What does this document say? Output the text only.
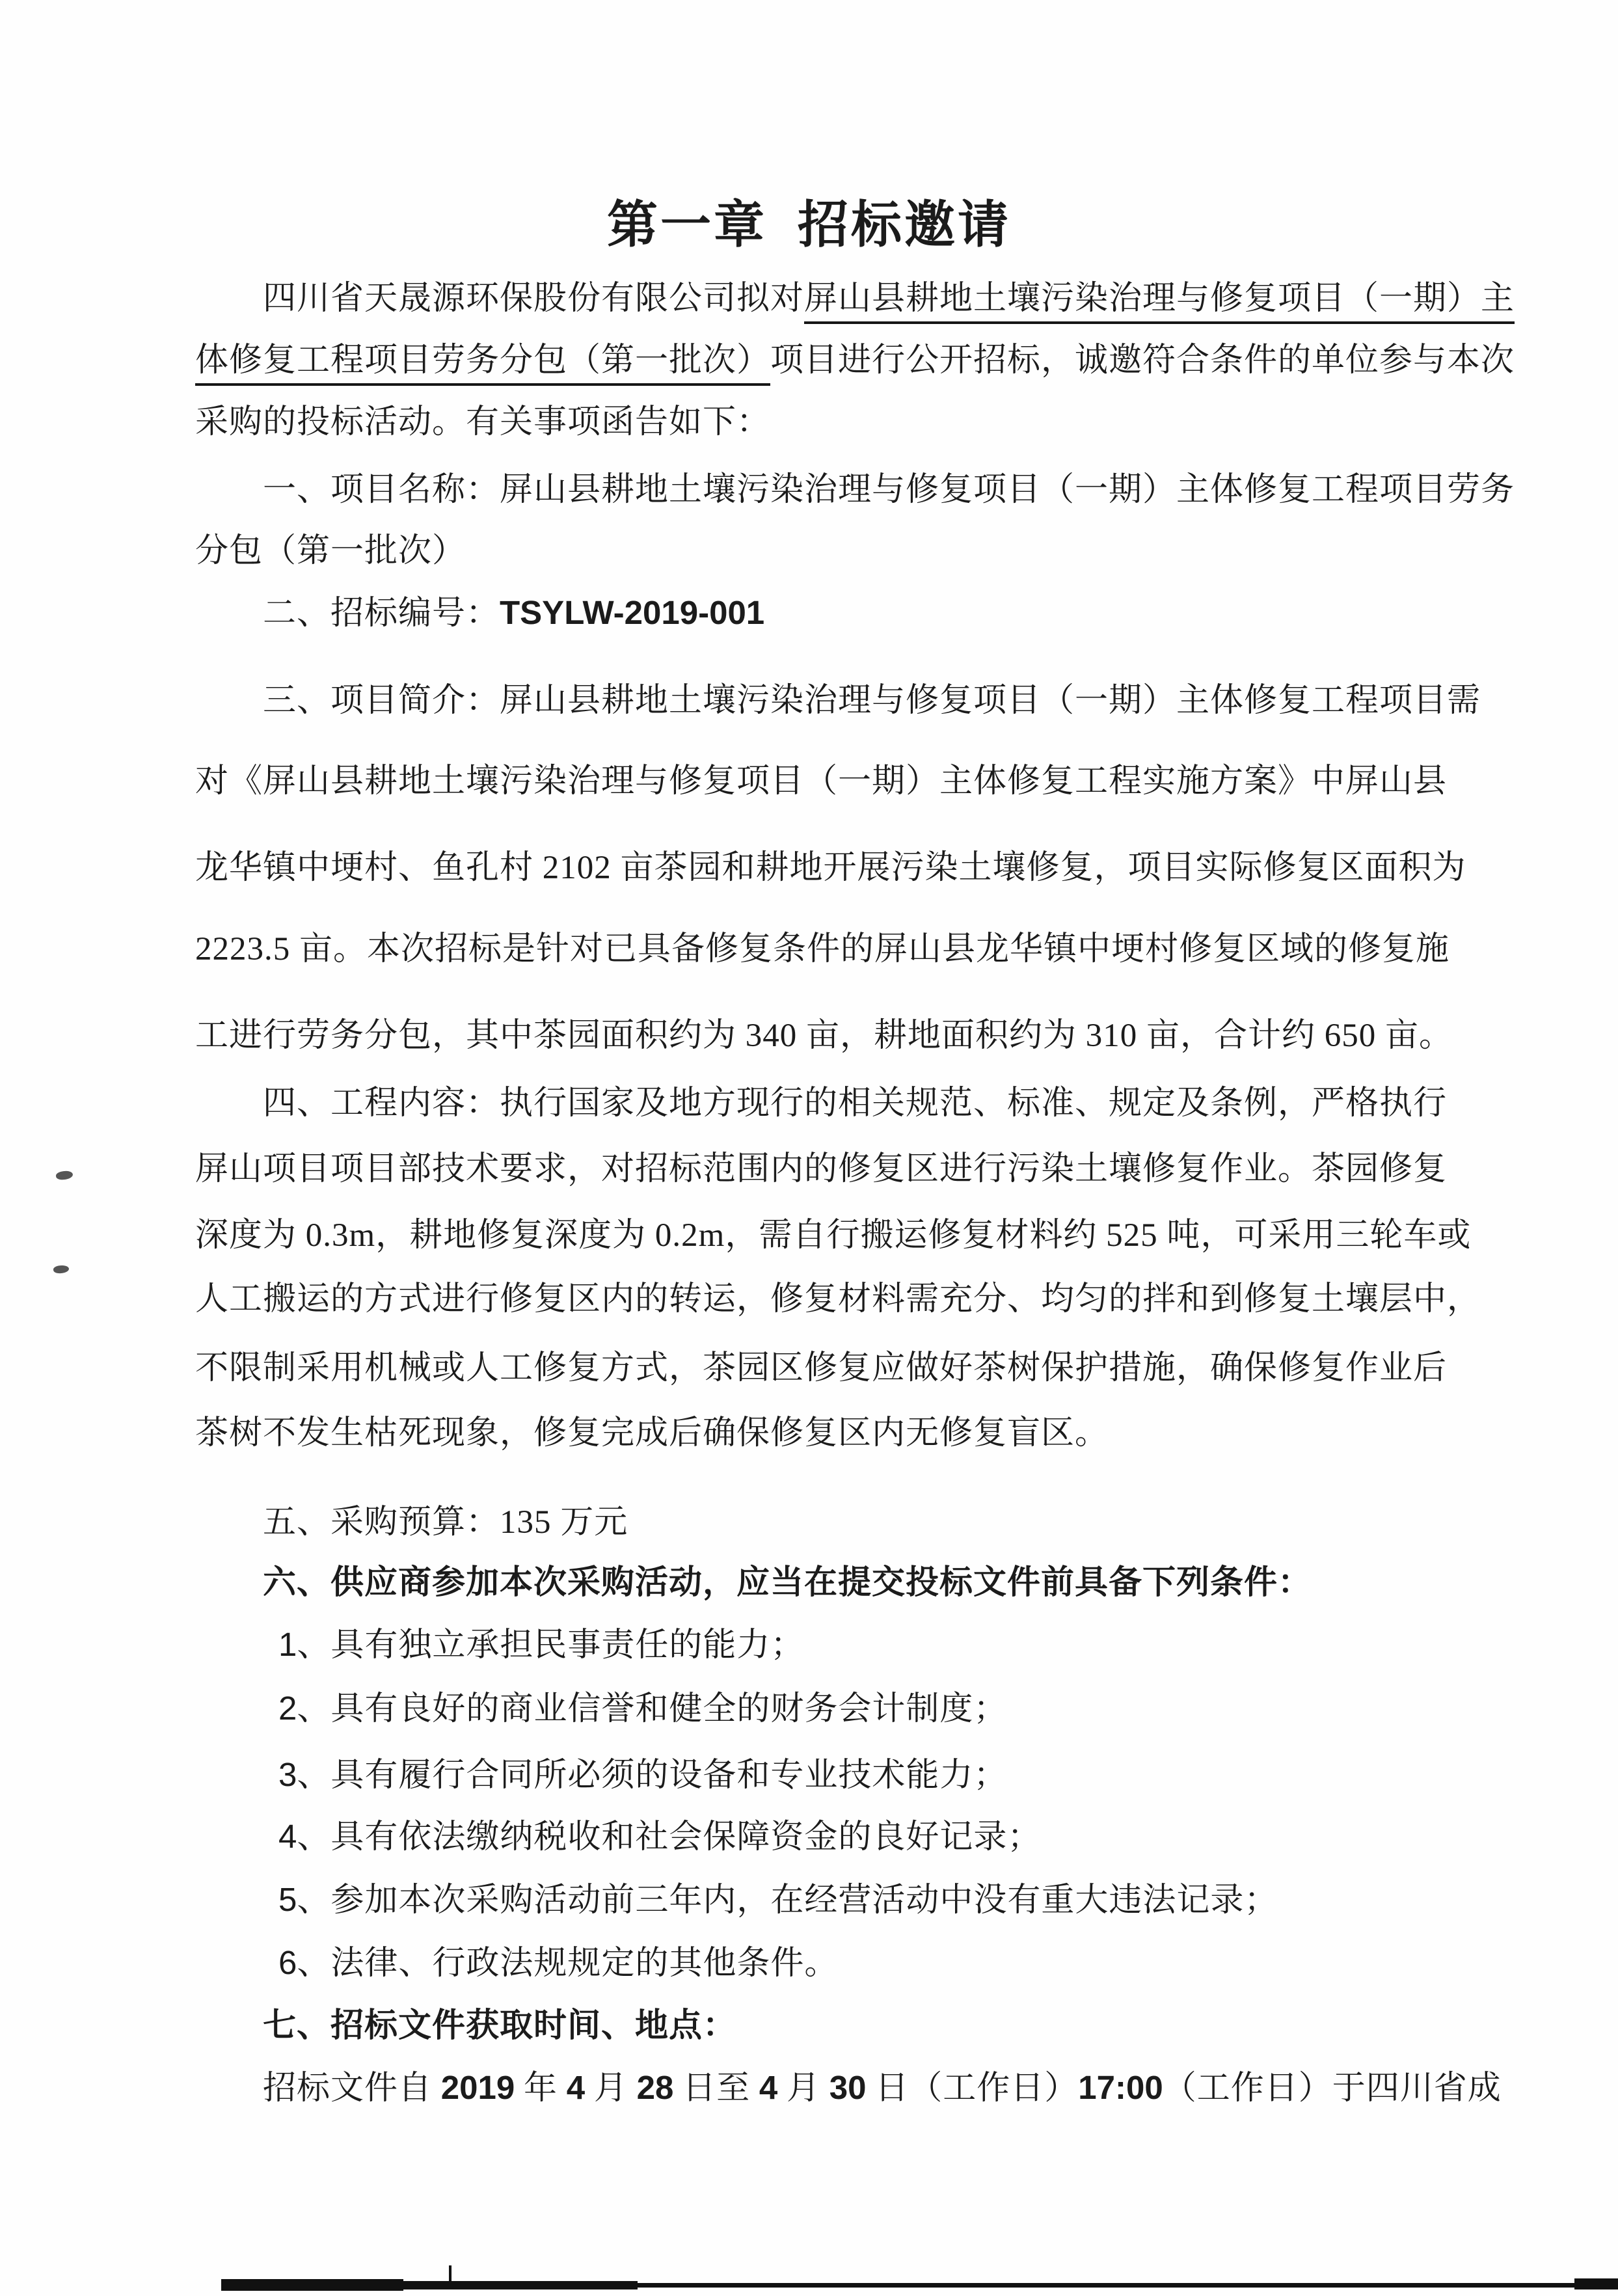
第一章  招标邀请
四川省天晟源环保股份有限公司拟对屏山县耕地土壤污染治理与修复项目（一期）主
体修复工程项目劳务分包（第一批次）项目进行公开招标，诚邀符合条件的单位参与本次
采购的投标活动。有关事项函告如下：
一、项目名称：屏山县耕地土壤污染治理与修复项目（一期）主体修复工程项目劳务
分包（第一批次）
二、招标编号：TSYLW-2019-001
三、项目简介：屏山县耕地土壤污染治理与修复项目（一期）主体修复工程项目需
对《屏山县耕地土壤污染治理与修复项目（一期）主体修复工程实施方案》中屏山县
龙华镇中埂村、鱼孔村 2102 亩茶园和耕地开展污染土壤修复，项目实际修复区面积为
2223.5 亩。本次招标是针对已具备修复条件的屏山县龙华镇中埂村修复区域的修复施
工进行劳务分包，其中茶园面积约为 340 亩，耕地面积约为 310 亩，合计约 650 亩。
四、工程内容：执行国家及地方现行的相关规范、标准、规定及条例，严格执行
屏山项目项目部技术要求，对招标范围内的修复区进行污染土壤修复作业。茶园修复
深度为 0.3m，耕地修复深度为 0.2m，需自行搬运修复材料约 525 吨，可采用三轮车或
人工搬运的方式进行修复区内的转运，修复材料需充分、均匀的拌和到修复土壤层中，
不限制采用机械或人工修复方式，茶园区修复应做好茶树保护措施，确保修复作业后
茶树不发生枯死现象，修复完成后确保修复区内无修复盲区。
五、采购预算：135 万元
六、供应商参加本次采购活动，应当在提交投标文件前具备下列条件：
1、具有独立承担民事责任的能力；
2、具有良好的商业信誉和健全的财务会计制度；
3、具有履行合同所必须的设备和专业技术能力；
4、具有依法缴纳税收和社会保障资金的良好记录；
5、参加本次采购活动前三年内，在经营活动中没有重大违法记录；
6、法律、行政法规规定的其他条件。
七、招标文件获取时间、地点：
招标文件自 2019 年 4 月 28 日至 4 月 30 日（工作日）17:00（工作日）于四川省成
